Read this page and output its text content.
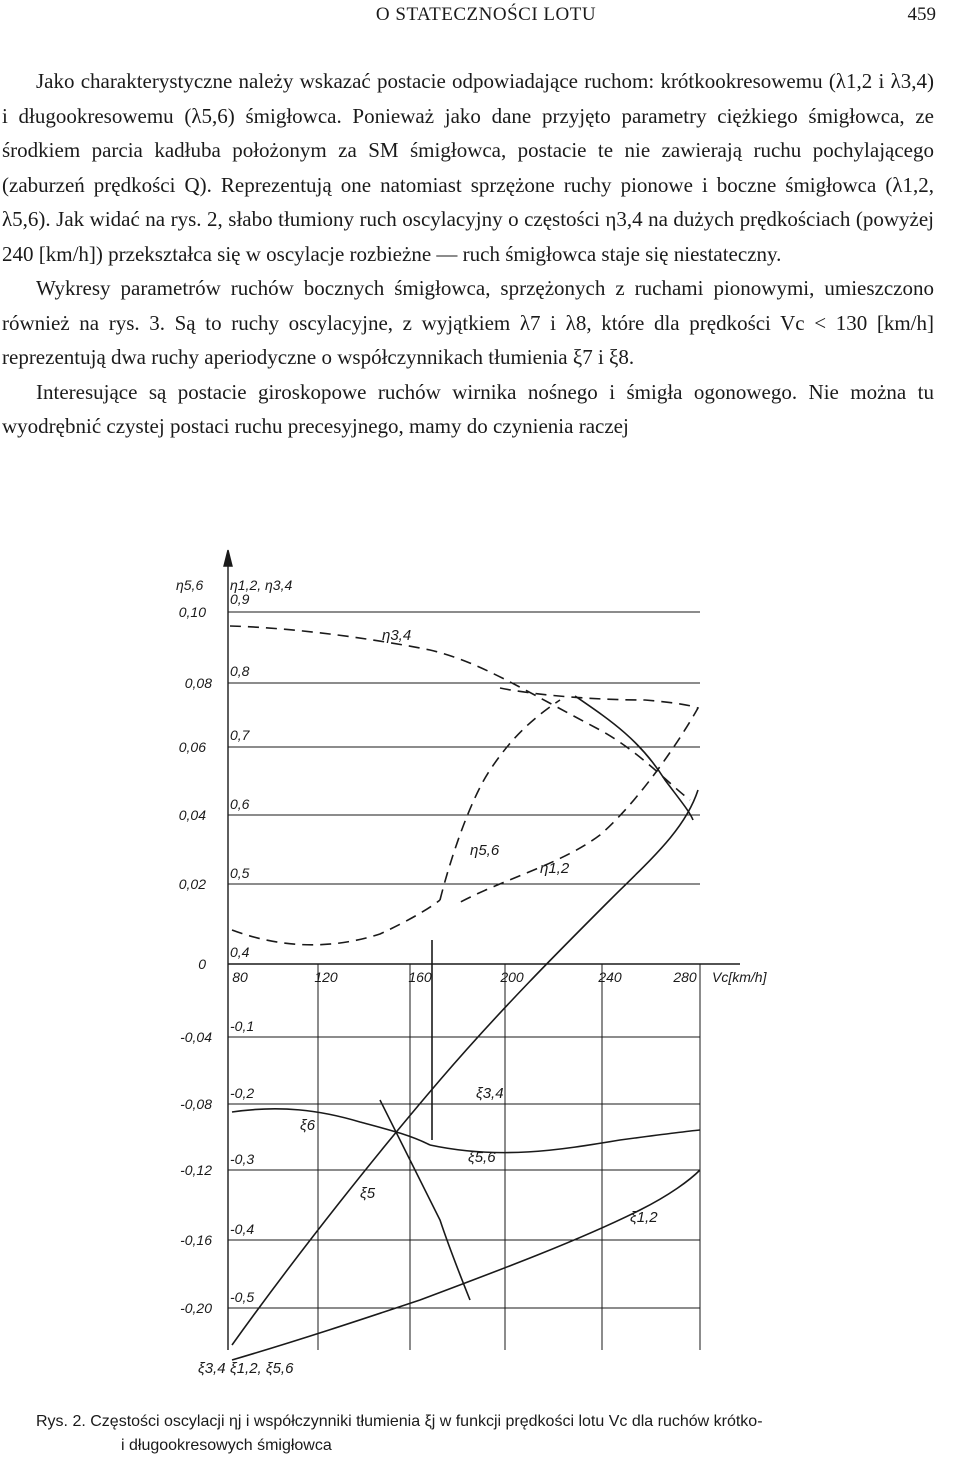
O STATECZNOŚCI LOTU	459

Jako charakterystyczne należy wskazać postacie odpowiadające ruchom: krótkookresowemu (λ1,2 i λ3,4) i długookresowemu (λ5,6) śmigłowca. Ponieważ jako dane przyjęto parametry ciężkiego śmigłowca, ze środkiem parcia kadłuba położonym za SM śmigłowca, postacie te nie zawierają ruchu pochylającego (zaburzeń prędkości Q). Reprezentują one natomiast sprzężone ruchy pionowe i boczne śmigłowca (λ1,2, λ5,6). Jak widać na rys. 2, słabo tłumiony ruch oscylacyjny o częstości η3,4 na dużych prędkościach (powyżej 240 [km/h]) przekształca się w oscylacje rozbieżne — ruch śmigłowca staje się niestateczny.

Wykresy parametrów ruchów bocznych śmigłowca, sprzężonych z ruchami pionowymi, umieszczono również na rys. 3. Są to ruchy oscylacyjne, z wyjątkiem λ7 i λ8, które dla prędkości Vc < 130 [km/h] reprezentują dwa ruchy aperiodyczne o współczynnikach tłumienia ξ7 i ξ8.

Interesujące są postacie giroskopowe ruchów wirnika nośnego i śmigła ogonowego. Nie można tu wyodrębnić czystej postaci ruchu precesyjnego, mamy do czynienia raczej

η5,6 η1,2, η3,4
Vc[km/h]
0,10
0,08
0,06
0,04
0,02
0
-0,04
-0,08
-0,12
-0,16
-0,20
0,9
0,8
0,7
0,6
0,5
0,4
-0,1
-0,2
-0,3
-0,4
-0,5
80	120	160	200	240	280
η3,4
η5,6
η1,2
ξ3,4
ξ6
ξ5,6
ξ5
ξ1,2
ξ3,4 ξ1,2, ξ5,6
Rys. 2. Częstości oscylacji ηj i współczynniki tłumienia ξj w funkcji prędkości lotu Vc dla ruchów krótko-
i długookresowych śmigłowca
